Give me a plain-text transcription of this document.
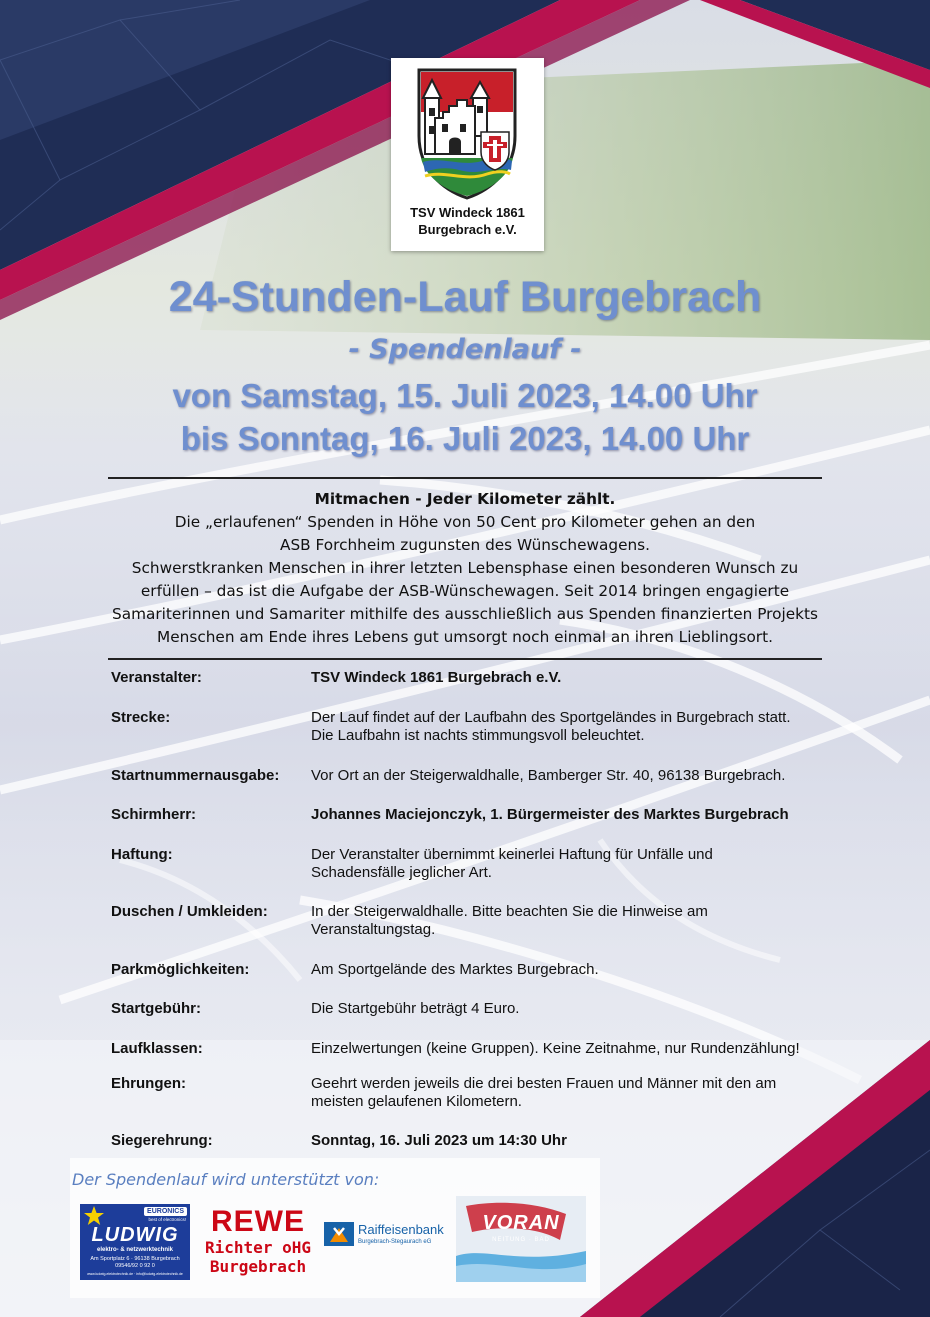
TSV Windeck 1861
Burgebrach e.V.
24-Stunden-Lauf Burgebrach
- Spendenlauf -
von Samstag, 15. Juli 2023, 14.00 Uhr
bis Sonntag, 16. Juli 2023, 14.00 Uhr
Mitmachen - Jeder Kilometer zählt.
Die „erlaufenen“ Spenden in Höhe von 50 Cent pro Kilometer gehen an den
ASB Forchheim zugunsten des Wünschewagens.
Schwerstkranken Menschen in ihrer letzten Lebensphase einen besonderen Wunsch zu
erfüllen – das ist die Aufgabe der ASB-Wünschewagen. Seit 2014 bringen engagierte
Samariterinnen und Samariter mithilfe des ausschließlich aus Spenden finanzierten Projekts
Menschen am Ende ihres Lebens gut umsorgt noch einmal an ihren Lieblingsort.
Veranstalter:	TSV Windeck 1861 Burgebrach e.V.
Strecke:	Der Lauf findet auf der Laufbahn des Sportgeländes in Burgebrach statt.
Die Laufbahn ist nachts stimmungsvoll beleuchtet.
Startnummernausgabe:	Vor Ort an der Steigerwaldhalle, Bamberger Str. 40, 96138 Burgebrach.
Schirmherr:	Johannes Maciejonczyk, 1. Bürgermeister des Marktes Burgebrach
Haftung:	Der Veranstalter übernimmt keinerlei Haftung für Unfälle und
Schadensfälle jeglicher Art.
Duschen / Umkleiden:	In der Steigerwaldhalle. Bitte beachten Sie die Hinweise am
Veranstaltungstag.
Parkmöglichkeiten:	Am Sportgelände des Marktes Burgebrach.
Startgebühr:	Die Startgebühr beträgt 4 Euro.
Laufklassen:	Einzelwertungen (keine Gruppen). Keine Zeitnahme, nur Rundenzählung!
Ehrungen:	Geehrt werden jeweils die drei besten Frauen und Männer mit den am
meisten gelaufenen Kilometern.
Siegerehrung:	Sonntag, 16. Juli 2023 um 14:30 Uhr
Der Spendenlauf wird unterstützt von:
EURONICS
best of electronics!
LUDWIG
elektro- & netzwerktechnik
Am Sportplatz 6 · 96138 Burgebrach
09546/92 0 92 0
www.ludwig-elektrotechnik.de · info@ludwig-elektrotechnik.de
REWE
Richter oHG
Burgebrach
Raiffeisenbank
Burgebrach-Stegaurach eG
VORAN
NEITUNG · BAD
